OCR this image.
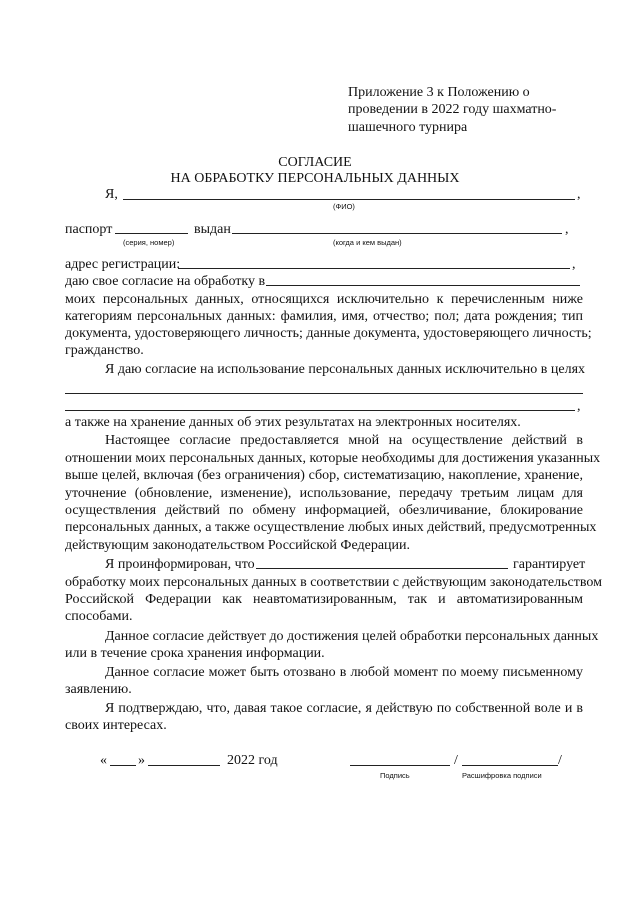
Приложение 3 к Положению о
проведении в 2022 году шахматно-
шашечного турнира
СОГЛАСИЕ
НА ОБРАБОТКУ ПЕРСОНАЛЬНЫХ ДАННЫХ
Я,	,
(ФИО)
паспорт	выдан	,
(серия, номер)	(когда и кем выдан)
адрес регистрации:	,
даю свое согласие на обработку в
моих персональных данных, относящихся исключительно к перечисленным ниже
категориям персональных данных: фамилия, имя, отчество; пол; дата рождения; тип
документа, удостоверяющего личность; данные документа, удостоверяющего личность;
гражданство.
Я даю согласие на использование персональных данных исключительно в целях
,
а также на хранение данных об этих результатах на электронных носителях.
Настоящее согласие предоставляется мной на осуществление действий в
отношении моих персональных данных, которые необходимы для достижения указанных
выше целей, включая (без ограничения) сбор, систематизацию, накопление, хранение,
уточнение (обновление, изменение), использование, передачу третьим лицам для
осуществления действий по обмену информацией, обезличивание, блокирование
персональных данных, а также осуществление любых иных действий, предусмотренных
действующим законодательством Российской Федерации.
Я проинформирован, что	гарантирует
обработку моих персональных данных в соответствии с действующим законодательством
Российской Федерации как неавтоматизированным, так и автоматизированным
способами.
Данное согласие действует до достижения целей обработки персональных данных
или в течение срока хранения информации.
Данное согласие может быть отозвано в любой момент по моему письменному
заявлению.
Я подтверждаю, что, давая такое согласие, я действую по собственной воле и в
своих интересах.
« »	2022 год	/	/
Подпись	Расшифровка подписи
